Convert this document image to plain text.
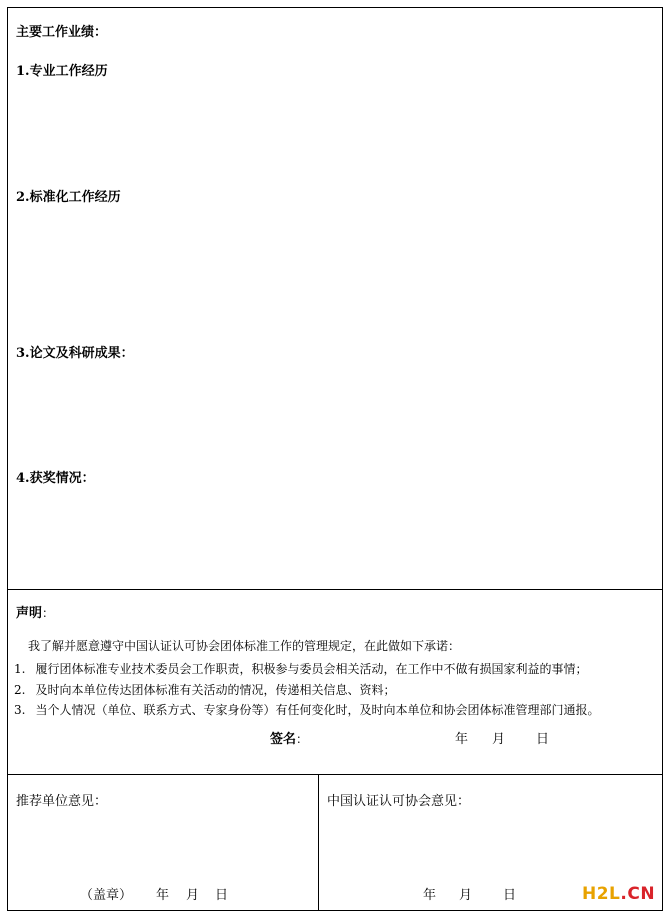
主要工作业绩：
1.专业工作经历
2.标准化工作经历
3.论文及科研成果：
4.获奖情况：
声明：
我了解并愿意遵守中国认证认可协会团体标准工作的管理规定，在此做如下承诺：
1. 履行团体标准专业技术委员会工作职责，积极参与委员会相关活动，在工作中不做有损国家利益的事情；
2. 及时向本单位传达团体标准有关活动的情况，传递相关信息、资料；
3. 当个人情况（单位、联系方式、专家身份等）有任何变化时，及时向本单位和协会团体标准管理部门通报。
签名：	年 月 日
推荐单位意见：
（盖章） 年 月 日
中国认证认可协会意见：
年 月 日	H2L.CN
